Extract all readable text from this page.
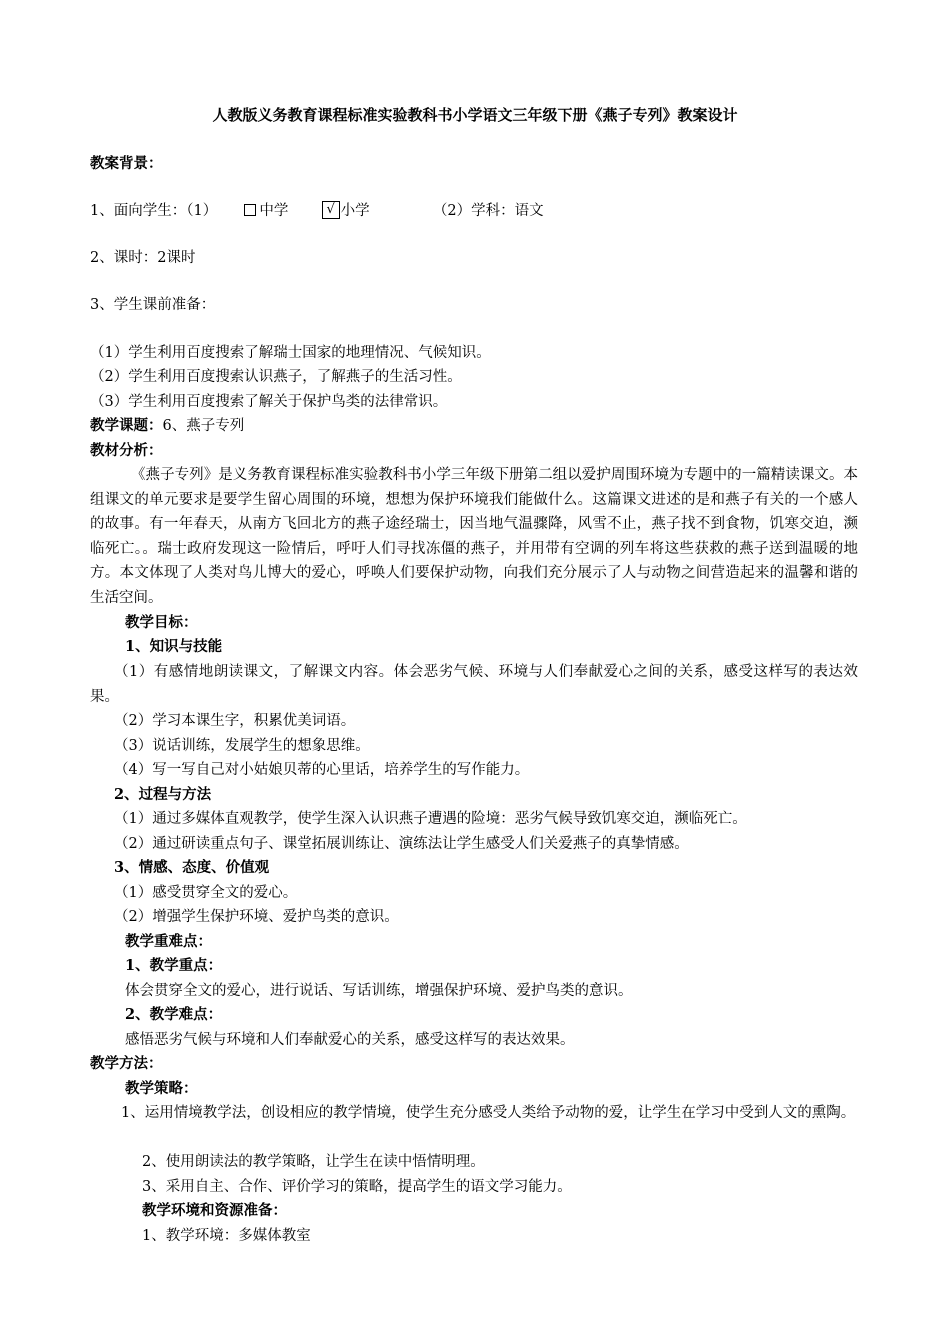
人教版义务教育课程标准实验教科书小学语文三年级下册《燕子专列》教案设计
教案背景：
1、面向学生：（1）	中学	√ 小学	（2）学科：语文
2、课时：2课时
3、学生课前准备：
（1）学生利用百度搜索了解瑞士国家的地理情况、气候知识。
（2）学生利用百度搜索认识燕子，了解燕子的生活习性。
（3）学生利用百度搜索了解关于保护鸟类的法律常识。
教学课题：6、燕子专列
教材分析：
《燕子专列》是义务教育课程标准实验教科书小学三年级下册第二组以爱护周围环境为专题中的一篇精读课文。本组课文的单元要求是要学生留心周围的环境，想想为保护环境我们能做什么。这篇课文进述的是和燕子有关的一个感人的故事。有一年春天，从南方飞回北方的燕子途经瑞士，因当地气温骤降，风雪不止，燕子找不到食物，饥寒交迫，濒临死亡。。瑞士政府发现这一险情后，呼吁人们寻找冻僵的燕子，并用带有空调的列车将这些获救的燕子送到温暖的地方。本文体现了人类对鸟儿博大的爱心，呼唤人们要保护动物，向我们充分展示了人与动物之间营造起来的温馨和谐的生活空间。
教学目标：
1、知识与技能
（1）有感情地朗读课文，了解课文内容。体会恶劣气候、环境与人们奉献爱心之间的关系，感受这样写的表达效果。
（2）学习本课生字，积累优美词语。
（3）说话训练，发展学生的想象思维。
（4）写一写自己对小姑娘贝蒂的心里话，培养学生的写作能力。
2、过程与方法
（1）通过多媒体直观教学，使学生深入认识燕子遭遇的险境：恶劣气候导致饥寒交迫，濒临死亡。
（2）通过研读重点句子、课堂拓展训练让、演练法让学生感受人们关爱燕子的真挚情感。
3、情感、态度、价值观
（1）感受贯穿全文的爱心。
（2）增强学生保护环境、爱护鸟类的意识。
教学重难点：
1、教学重点：
体会贯穿全文的爱心，进行说话、写话训练，增强保护环境、爱护鸟类的意识。
2、教学难点：
感悟恶劣气候与环境和人们奉献爱心的关系，感受这样写的表达效果。
教学方法：
教学策略：
1、运用情境教学法，创设相应的教学情境，使学生充分感受人类给予动物的爱，让学生在学习中受到人文的熏陶。
2、使用朗读法的教学策略，让学生在读中悟情明理。
3、采用自主、合作、评价学习的策略，提高学生的语文学习能力。
教学环境和资源准备：
1、教学环境：多媒体教室
